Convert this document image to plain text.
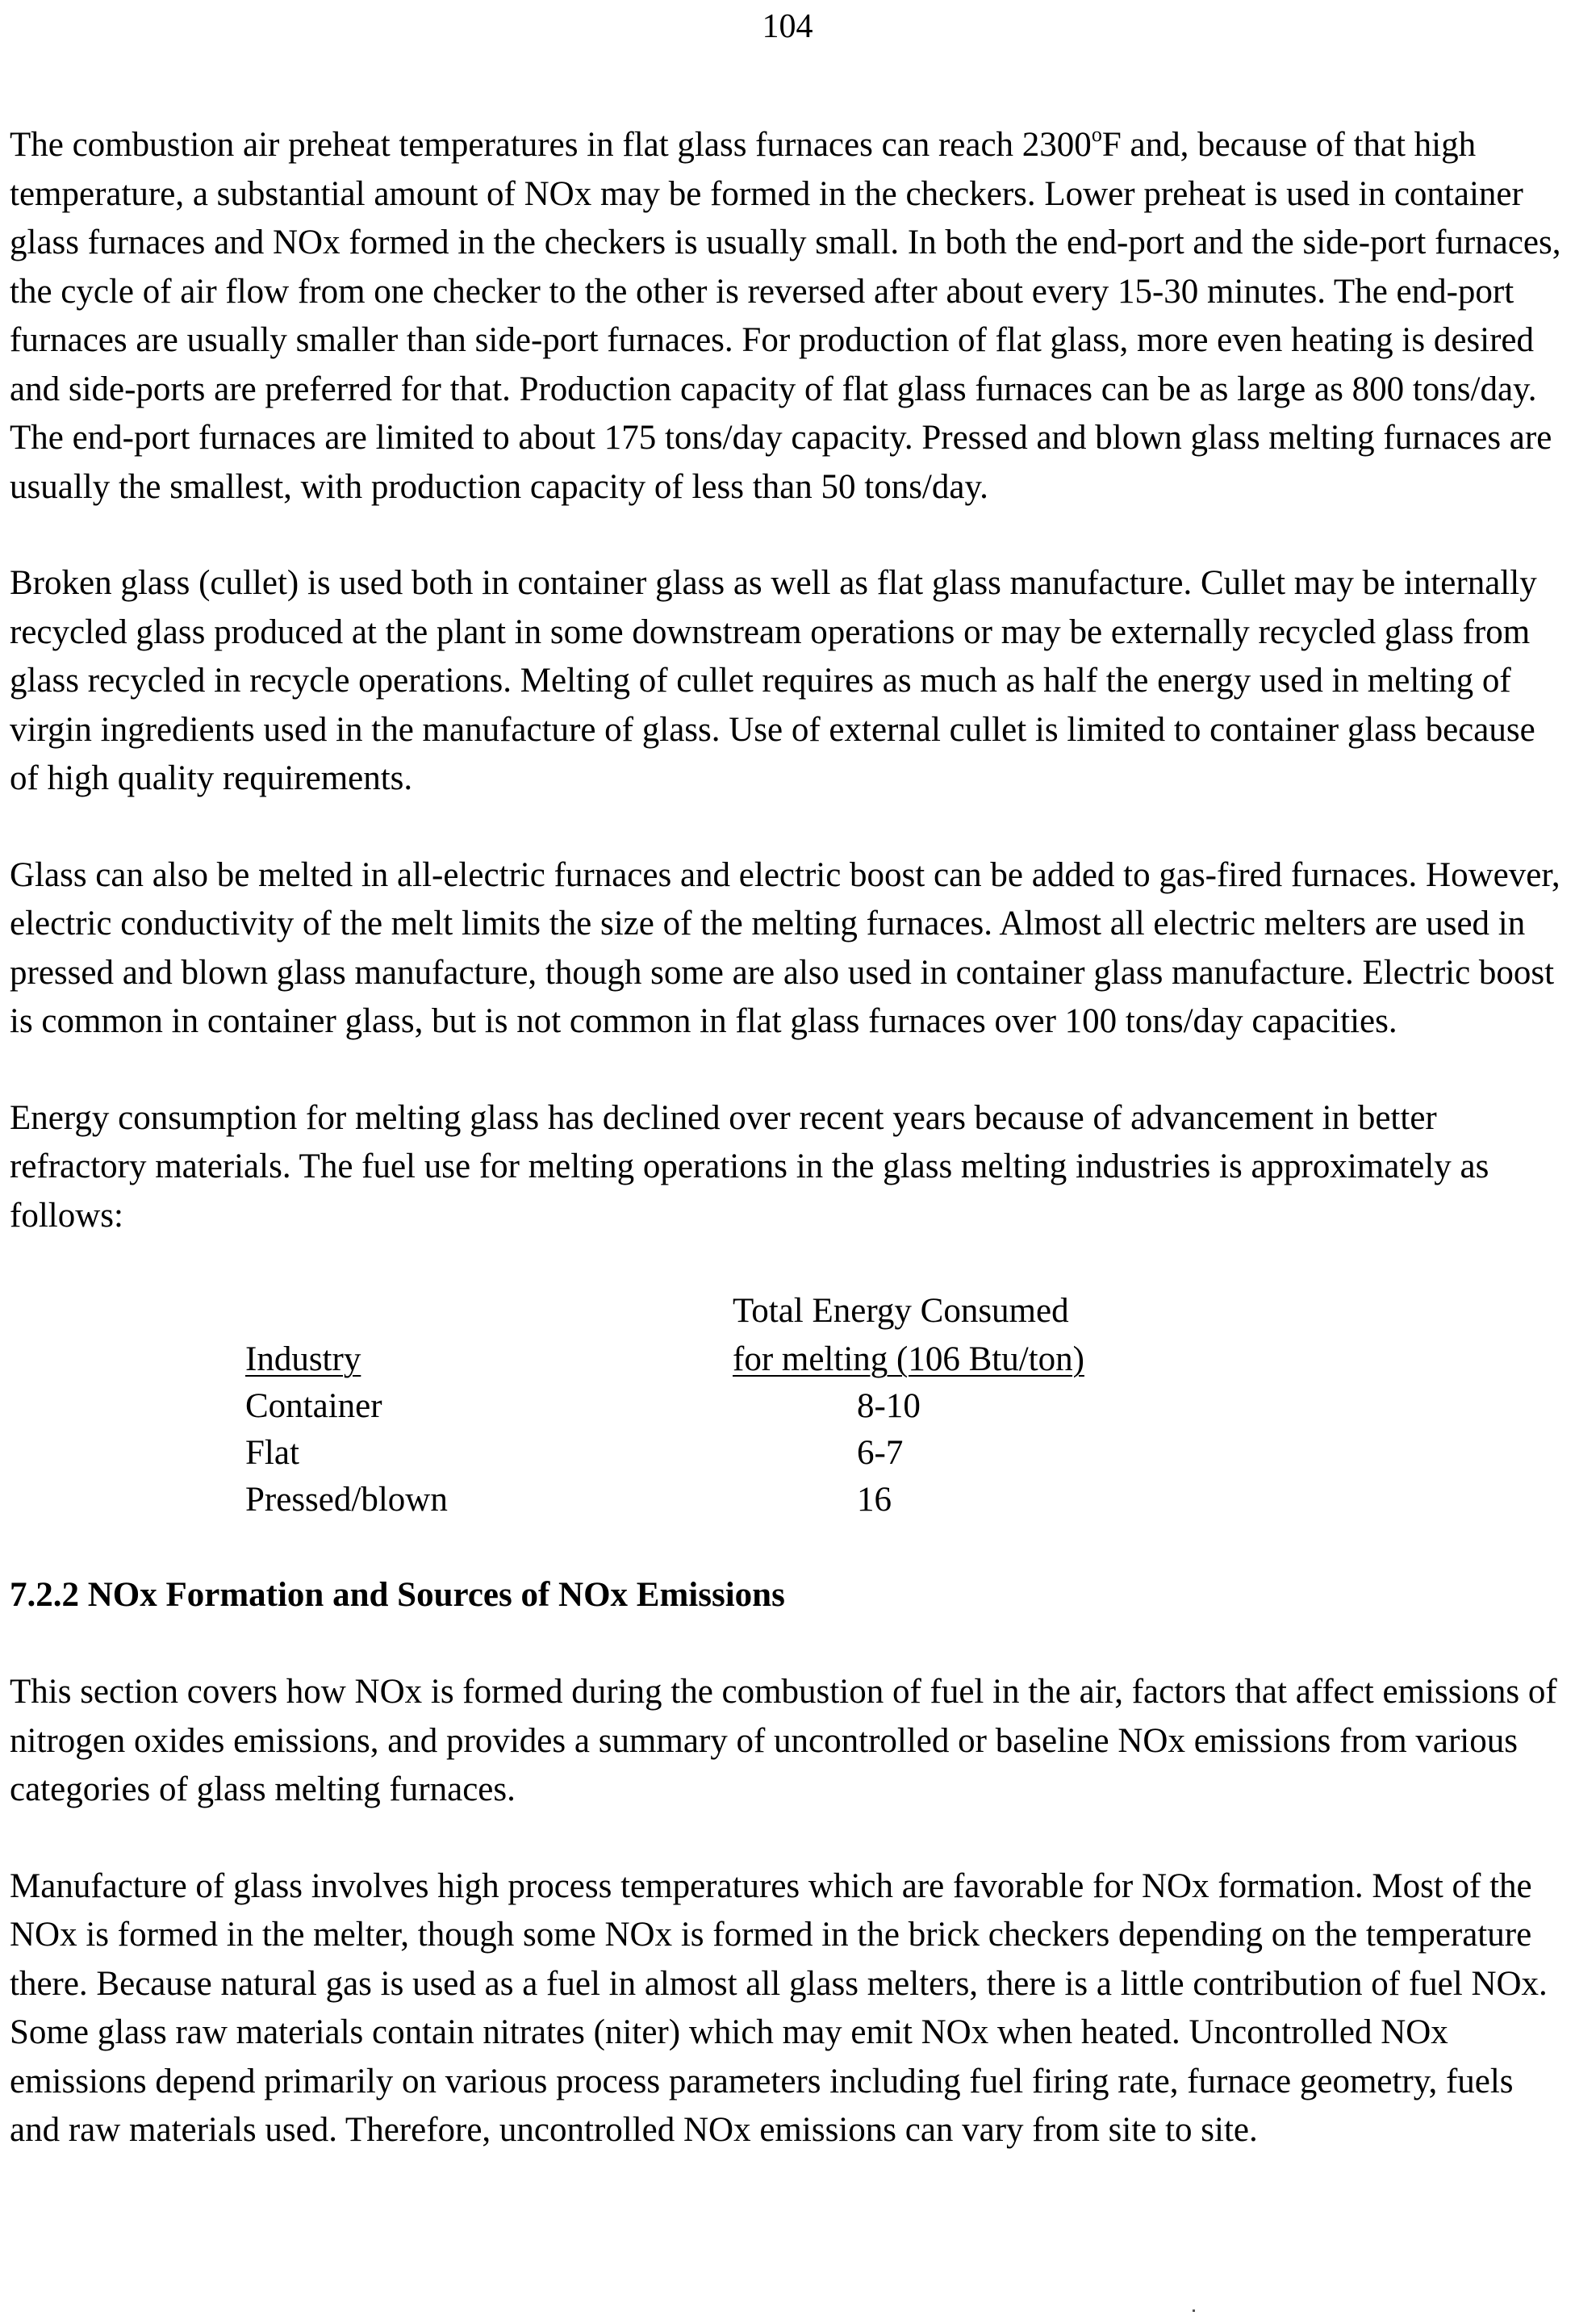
104

The combustion air preheat temperatures in flat glass furnaces can reach 2300$^o$F and, because of that high temperature, a substantial amount of NOx may be formed in the checkers. Lower preheat is used in container glass furnaces and NOx formed in the checkers is usually small. In both the end-port and the side-port furnaces, the cycle of air flow from one checker to the other is reversed after about every 15-30 minutes. The end-port furnaces are usually smaller than side-port furnaces. For production of flat glass, more even heating is desired and side-ports are preferred for that. Production capacity of flat glass furnaces can be as large as 800 tons/day. The end-port furnaces are limited to about 175 tons/day capacity. Pressed and blown glass melting furnaces are usually the smallest, with production capacity of less than 50 tons/day.

Broken glass (cullet) is used both in container glass as well as flat glass manufacture. Cullet may be internally recycled glass produced at the plant in some downstream operations or may be externally recycled glass from glass recycled in recycle operations. Melting of cullet requires as much as half the energy used in melting of virgin ingredients used in the manufacture of glass. Use of external cullet is limited to container glass because of high quality requirements.

Glass can also be melted in all-electric furnaces and electric boost can be added to gas-fired furnaces. However, electric conductivity of the melt limits the size of the melting furnaces. Almost all electric melters are used in pressed and blown glass manufacture, though some are also used in container glass manufacture. Electric boost is common in container glass, but is not common in flat glass furnaces over 100 tons/day capacities.

Energy consumption for melting glass has declined over recent years because of advancement in better refractory materials. The fuel use for melting operations in the glass melting industries is approximately as follows:

Total Energy Consumed
Industry	for melting (106 Btu/ton)
Container	8-10
Flat	6-7
Pressed/blown	16
7.2.2 NOx Formation and Sources of NOx Emissions

This section covers how NOx is formed during the combustion of fuel in the air, factors that affect emissions of nitrogen oxides emissions, and provides a summary of uncontrolled or baseline NOx emissions from various categories of glass melting furnaces.

Manufacture of glass involves high process temperatures which are favorable for NOx formation. Most of the NOx is formed in the melter, though some NOx is formed in the brick checkers depending on the temperature there. Because natural gas is used as a fuel in almost all glass melters, there is a little contribution of fuel NOx. Some glass raw materials contain nitrates (niter) which may emit NOx when heated. Uncontrolled NOx emissions depend primarily on various process parameters including fuel firing rate, furnace geometry, fuels and raw materials used. Therefore, uncontrolled NOx emissions can vary from site to site.
